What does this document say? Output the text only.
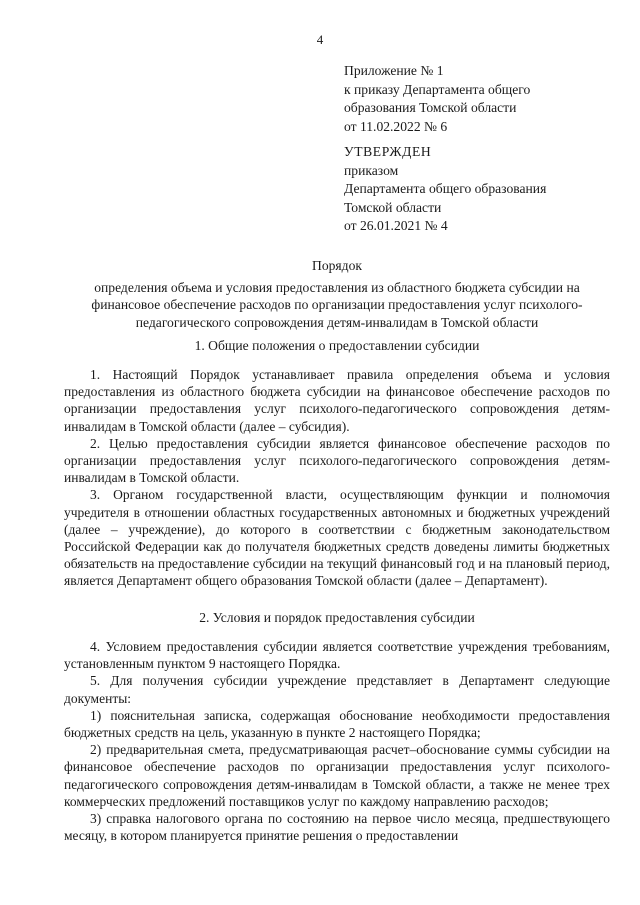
4
Приложение № 1
к приказу Департамента общего
образования Томской области
от 11.02.2022 № 6
УТВЕРЖДЕН
приказом
Департамента общего образования
Томской области
от 26.01.2021 № 4
Порядок
определения объема и условия предоставления из областного бюджета субсидии на финансовое обеспечение расходов по организации предоставления услуг психолого-педагогического сопровождения детям-инвалидам в Томской области
1. Общие положения о предоставлении субсидии

1. Настоящий Порядок устанавливает правила определения объема и условия предоставления из областного бюджета субсидии на финансовое обеспечение расходов по организации предоставления услуг психолого-педагогического сопровождения детям-инвалидам в Томской области (далее – субсидия).

2. Целью предоставления субсидии является финансовое обеспечение расходов по организации предоставления услуг психолого-педагогического сопровождения детям-инвалидам в Томской области.

3. Органом государственной власти, осуществляющим функции и полномочия учредителя в отношении областных государственных автономных и бюджетных учреждений (далее – учреждение), до которого в соответствии с бюджетным законодательством Российской Федерации как до получателя бюджетных средств доведены лимиты бюджетных обязательств на предоставление субсидии на текущий финансовый год и на плановый период, является Департамент общего образования Томской области (далее – Департамент).

2. Условия и порядок предоставления субсидии

4. Условием предоставления субсидии является соответствие учреждения требованиям, установленным пунктом 9 настоящего Порядка.

5. Для получения субсидии учреждение представляет в Департамент следующие документы:

1) пояснительная записка, содержащая обоснование необходимости предоставления бюджетных средств на цель, указанную в пункте 2 настоящего Порядка;

2) предварительная смета, предусматривающая расчет–обоснование суммы субсидии на финансовое обеспечение расходов по организации предоставления услуг психолого-педагогического сопровождения детям-инвалидам в Томской области, а также не менее трех коммерческих предложений поставщиков услуг по каждому направлению расходов;

3) справка налогового органа по состоянию на первое число месяца, предшествующего месяцу, в котором планируется принятие решения о предоставлении
